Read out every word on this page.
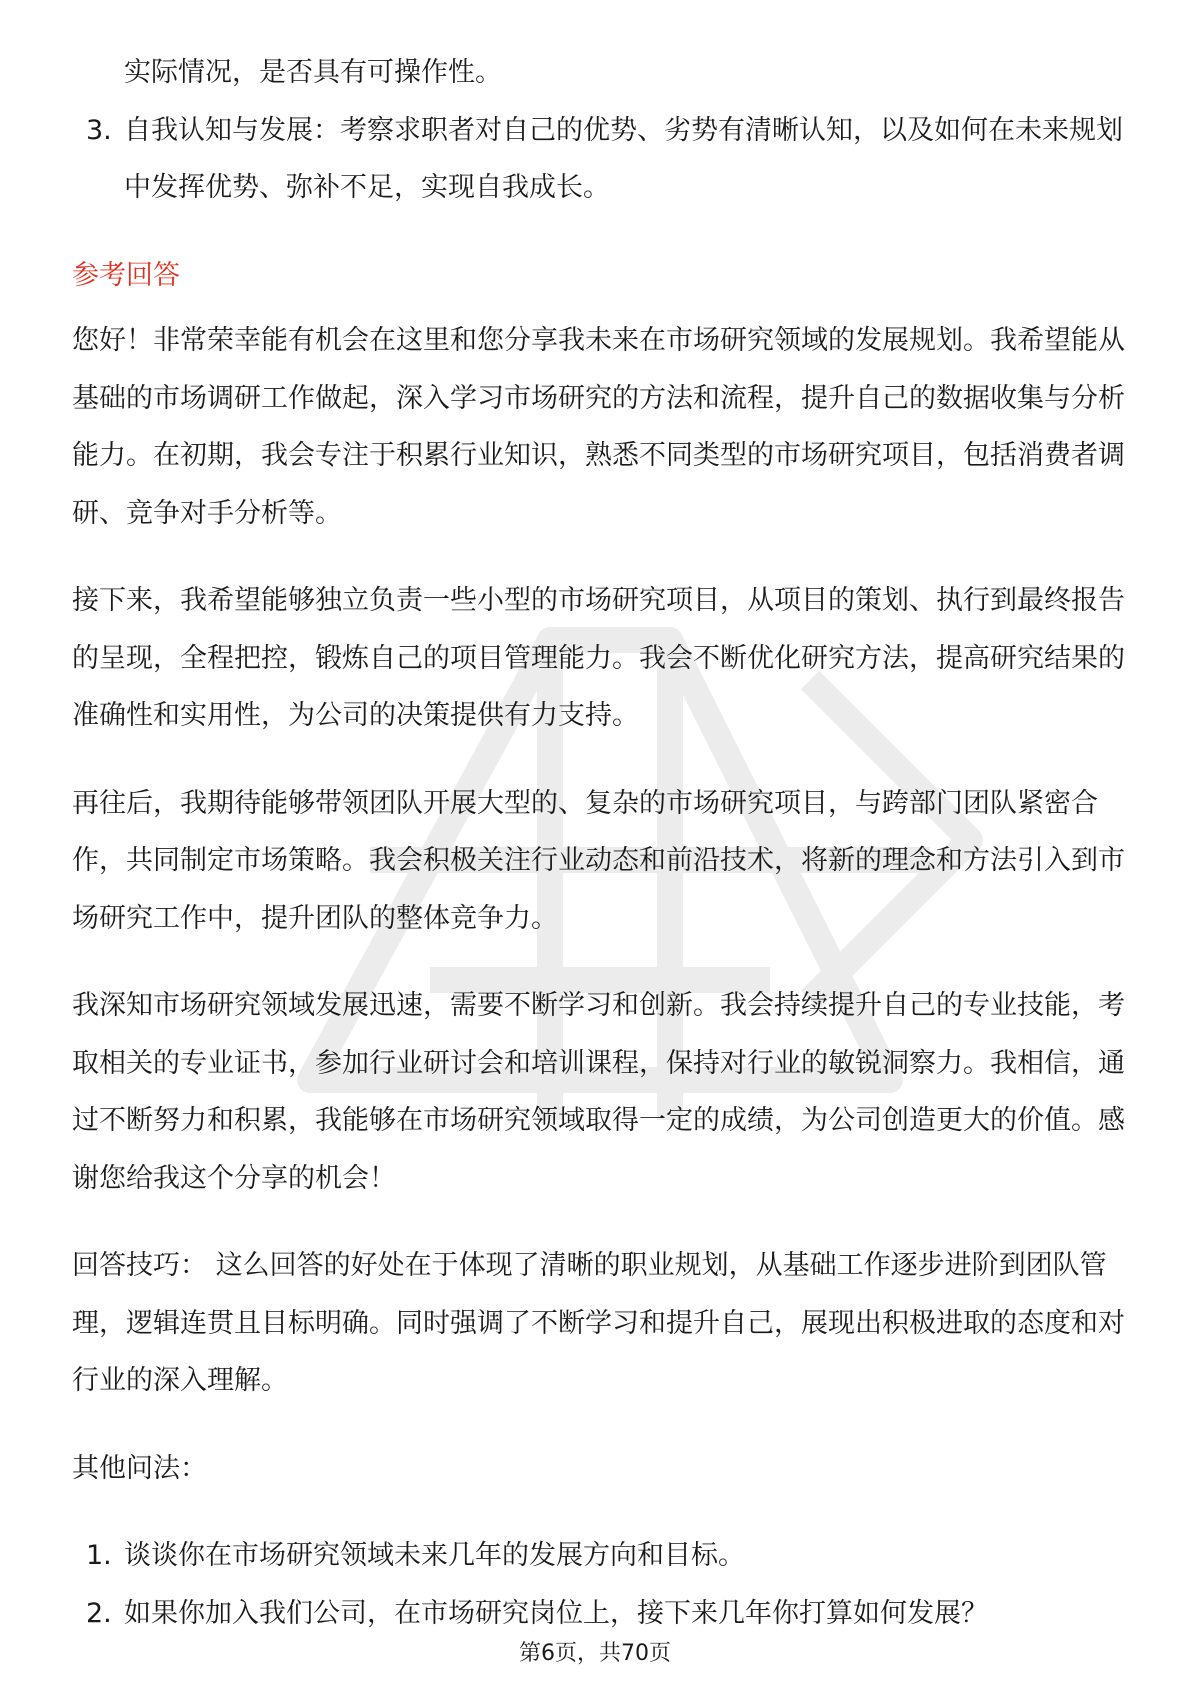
实际情况，是否具有可操作性。

3. 自我认知与发展：考察求职者对自己的优势、劣势有清晰认知，以及如何在未来规划中发挥优势、弥补不足，实现自我成长。
参考回答

您好！非常荣幸能有机会在这里和您分享我未来在市场研究领域的发展规划。我希望能从基础的市场调研工作做起，深入学习市场研究的方法和流程，提升自己的数据收集与分析能力。在初期，我会专注于积累行业知识，熟悉不同类型的市场研究项目，包括消费者调研、竞争对手分析等。

接下来，我希望能够独立负责一些小型的市场研究项目，从项目的策划、执行到最终报告的呈现，全程把控，锻炼自己的项目管理能力。我会不断优化研究方法，提高研究结果的准确性和实用性，为公司的决策提供有力支持。

再往后，我期待能够带领团队开展大型的、复杂的市场研究项目，与跨部门团队紧密合作，共同制定市场策略。我会积极关注行业动态和前沿技术，将新的理念和方法引入到市场研究工作中，提升团队的整体竞争力。

我深知市场研究领域发展迅速，需要不断学习和创新。我会持续提升自己的专业技能，考取相关的专业证书，参加行业研讨会和培训课程，保持对行业的敏锐洞察力。我相信，通过不断努力和积累，我能够在市场研究领域取得一定的成绩，为公司创造更大的价值。感谢您给我这个分享的机会！

回答技巧： 这么回答的好处在于体现了清晰的职业规划，从基础工作逐步进阶到团队管理，逻辑连贯且目标明确。同时强调了不断学习和提升自己，展现出积极进取的态度和对行业的深入理解。

其他问法：

1. 谈谈你在市场研究领域未来几年的发展方向和目标。
2. 如果你加入我们公司，在市场研究岗位上，接下来几年你打算如何发展？
第6页，共70页
